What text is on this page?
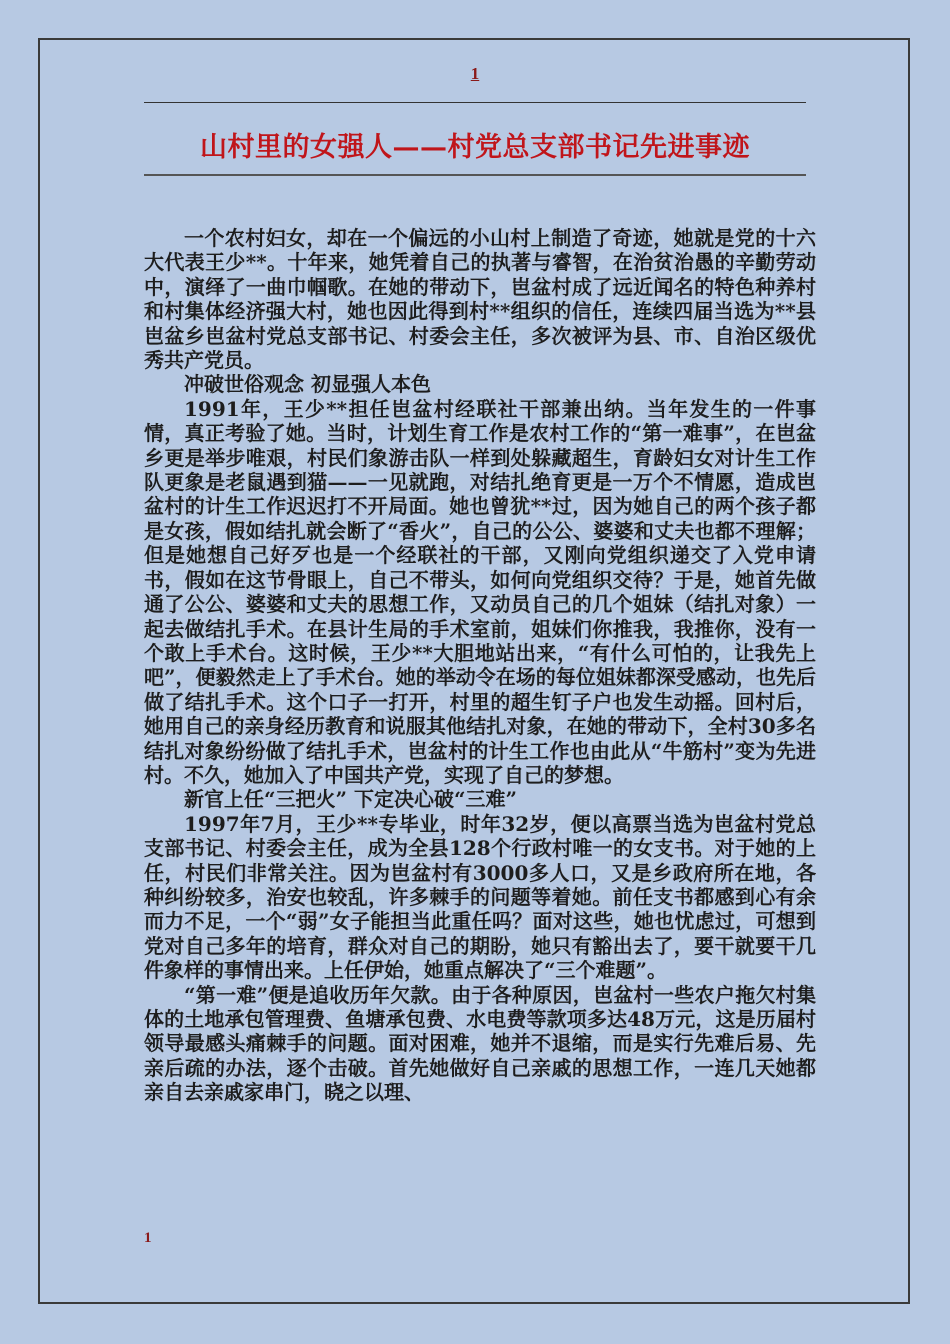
1
山村里的女强人——村党总支部书记先进事迹

一个农村妇女，却在一个偏远的小山村上制造了奇迹，她就是党的十六大代表王少**。十年来，她凭着自己的执著与睿智，在治贫治愚的辛勤劳动中，演绎了一曲巾帼歌。在她的带动下，岜盆村成了远近闻名的特色种养村和村集体经济强大村，她也因此得到村**组织的信任，连续四届当选为**县岜盆乡岜盆村党总支部书记、村委会主任，多次被评为县、市、自治区级优秀共产党员。

冲破世俗观念 初显强人本色

1991年，王少**担任岜盆村经联社干部兼出纳。当年发生的一件事情，真正考验了她。当时，计划生育工作是农村工作的“第一难事”，在岜盆乡更是举步唯艰，村民们象游击队一样到处躲藏超生，育龄妇女对计生工作队更象是老鼠遇到猫——一见就跑，对结扎绝育更是一万个不情愿，造成岜盆村的计生工作迟迟打不开局面。她也曾犹**过，因为她自己的两个孩子都是女孩，假如结扎就会断了“香火”，自己的公公、婆婆和丈夫也都不理解；但是她想自己好歹也是一个经联社的干部，又刚向党组织递交了入党申请书，假如在这节骨眼上，自己不带头，如何向党组织交待？于是，她首先做通了公公、婆婆和丈夫的思想工作，又动员自己的几个姐妹（结扎对象）一起去做结扎手术。在县计生局的手术室前，姐妹们你推我，我推你，没有一个敢上手术台。这时候，王少**大胆地站出来，“有什么可怕的，让我先上吧”，便毅然走上了手术台。她的举动令在场的每位姐妹都深受感动，也先后做了结扎手术。这个口子一打开，村里的超生钉子户也发生动摇。回村后，她用自己的亲身经历教育和说服其他结扎对象，在她的带动下，全村30多名结扎对象纷纷做了结扎手术，岜盆村的计生工作也由此从“牛筋村”变为先进村。不久，她加入了中国共产党，实现了自己的梦想。

新官上任“三把火” 下定决心破“三难”

1997年7月，王少**专毕业，时年32岁，便以高票当选为岜盆村党总支部书记、村委会主任，成为全县128个行政村唯一的女支书。对于她的上任，村民们非常关注。因为岜盆村有3000多人口，又是乡政府所在地，各种纠纷较多，治安也较乱，许多棘手的问题等着她。前任支书都感到心有余而力不足，一个“弱”女子能担当此重任吗？面对这些，她也忧虑过，可想到党对自己多年的培育，群众对自己的期盼，她只有豁出去了，要干就要干几件象样的事情出来。上任伊始，她重点解决了“三个难题”。

“第一难”便是追收历年欠款。由于各种原因，岜盆村一些农户拖欠村集体的土地承包管理费、鱼塘承包费、水电费等款项多达48万元，这是历届村领导最感头痛棘手的问题。面对困难，她并不退缩，而是实行先难后易、先亲后疏的办法，逐个击破。首先她做好自己亲戚的思想工作，一连几天她都亲自去亲戚家串门，晓之以理、

1
